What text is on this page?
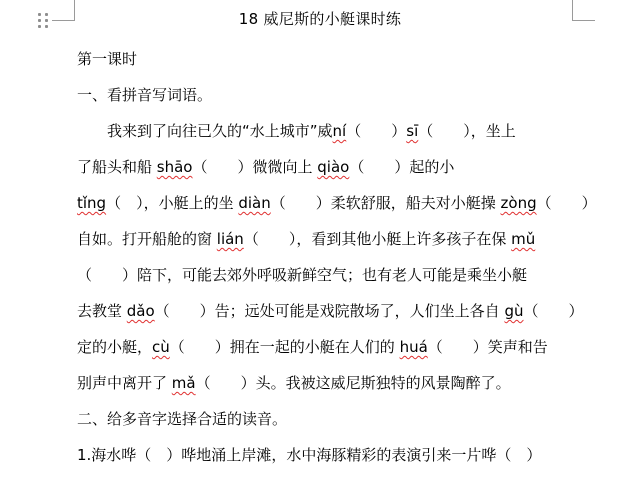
18 威尼斯的小艇课时练
第一课时
一、看拼音写词语。
我来到了向往已久的“水上城市”威ní（　　）sī（　　），坐上
了船头和船 shāo（　　）微微向上 qiào（　　）起的小
tǐng（　），小艇上的坐 diàn（　　）柔软舒服，船夫对小艇操 zòng（　　）
自如。打开船舱的窗 lián（　　），看到其他小艇上许多孩子在保 mǔ
（　　）陪下，可能去郊外呼吸新鲜空气；也有老人可能是乘坐小艇
去教堂 dǎo（　　）告；远处可能是戏院散场了，人们坐上各自 gù（　　）
定的小艇，cù（　　）拥在一起的小艇在人们的 huá（　　）笑声和告
别声中离开了 mǎ（　　）头。我被这威尼斯独特的风景陶醉了。
二、给多音字选择合适的读音。
1.海水哗（　）哗地涌上岸滩，水中海豚精彩的表演引来一片哗（　）
